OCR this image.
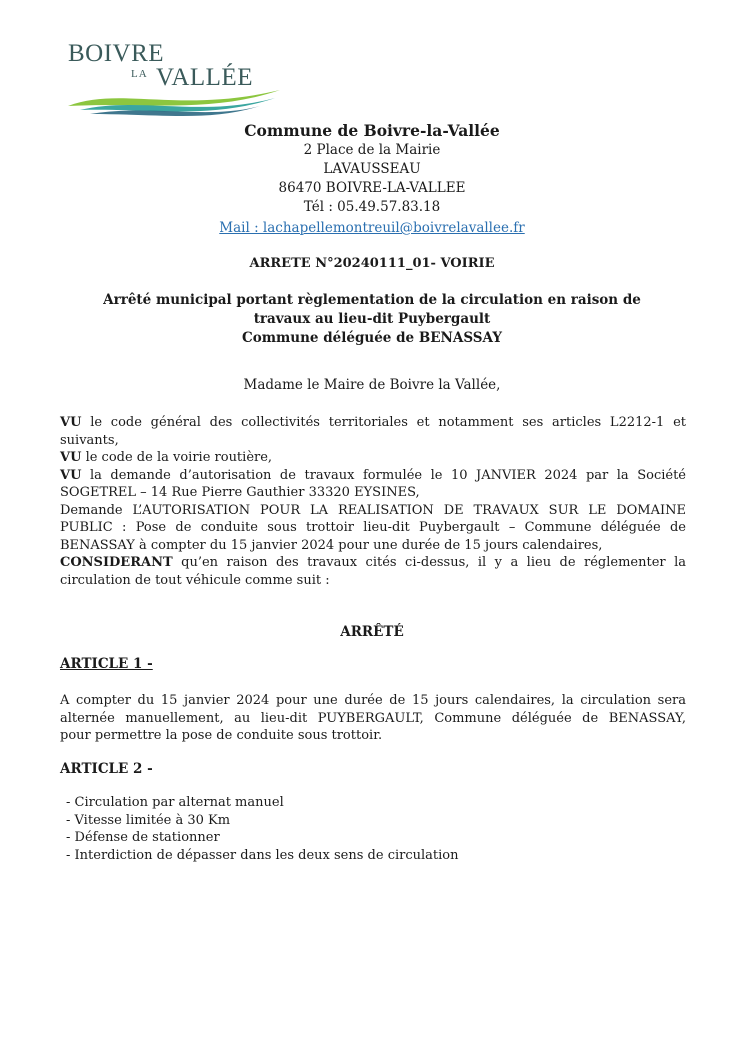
BOIVRE
LA VALLÉE
Commune de Boivre-la-Vallée
2 Place de la Mairie
LAVAUSSEAU
86470 BOIVRE-LA-VALLEE
Tél : 05.49.57.83.18
Mail : lachapellemontreuil@boivrelavallee.fr
ARRETE N°20240111_01- VOIRIE
Arrêté municipal portant règlementation de la circulation en raison de
travaux au lieu-dit Puybergault
Commune déléguée de BENASSAY
Madame le Maire de Boivre la Vallée,
VU le code général des collectivités territoriales et notamment ses articles L2212-1 et
suivants,
VU le code de la voirie routière,
VU la demande d’autorisation de travaux formulée le 10 JANVIER 2024 par la Société
SOGETREL – 14 Rue Pierre Gauthier 33320 EYSINES,
Demande L’AUTORISATION POUR LA REALISATION DE TRAVAUX SUR LE DOMAINE
PUBLIC : Pose de conduite sous trottoir lieu-dit Puybergault – Commune déléguée de
BENASSAY à compter du 15 janvier 2024 pour une durée de 15 jours calendaires,
CONSIDERANT qu’en raison des travaux cités ci-dessus, il y a lieu de réglementer la
circulation de tout véhicule comme suit :
ARRÊTÉ
ARTICLE 1 -
A compter du 15 janvier 2024 pour une durée de 15 jours calendaires, la circulation sera
alternée manuellement, au lieu-dit PUYBERGAULT, Commune déléguée de BENASSAY,
pour permettre la pose de conduite sous trottoir.
ARTICLE 2 -
- Circulation par alternat manuel
- Vitesse limitée à 30 Km
- Défense de stationner
- Interdiction de dépasser dans les deux sens de circulation
